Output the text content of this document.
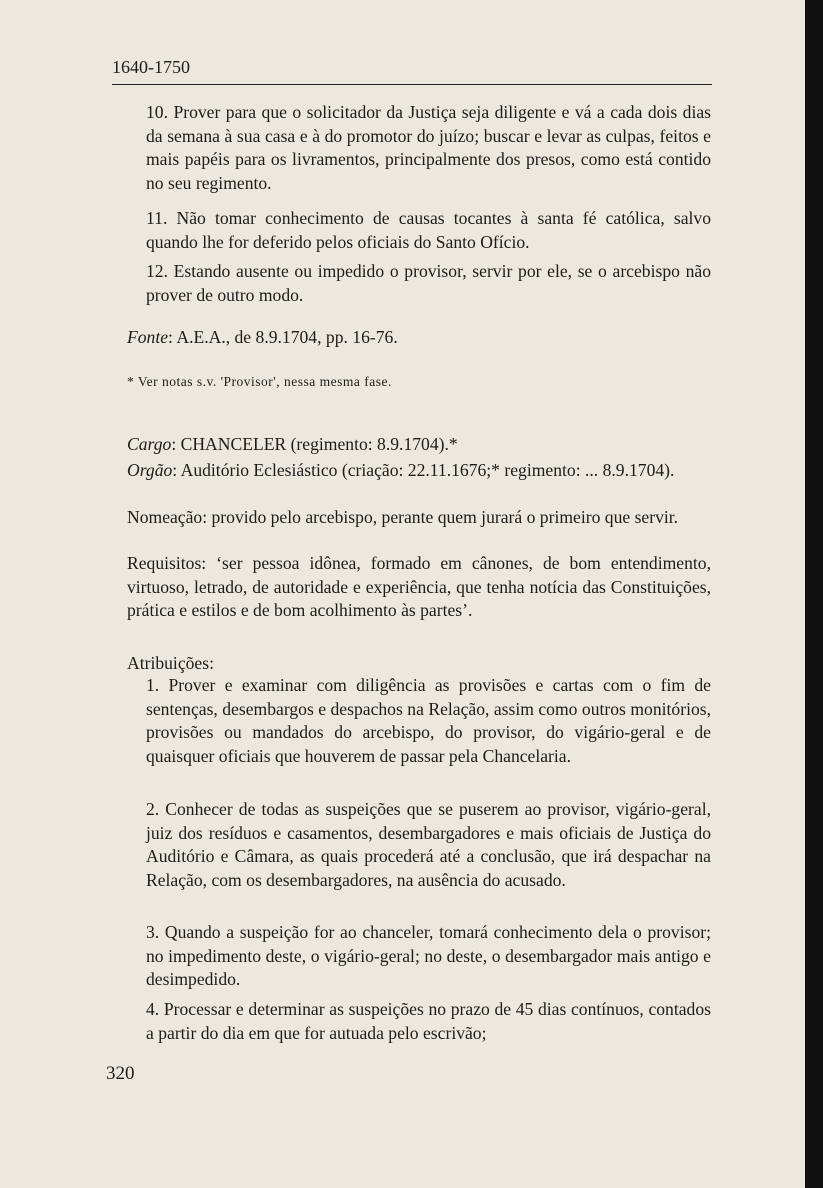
1640-1750

10. Prover para que o solicitador da Justiça seja diligente e vá a cada dois dias da semana à sua casa e à do promotor do juízo; buscar e levar as culpas, feitos e mais papéis para os livramentos, principalmente dos presos, como está contido no seu regimento.

11. Não tomar conhecimento de causas tocantes à santa fé católica, salvo quando lhe for deferido pelos oficiais do Santo Ofício.

12. Estando ausente ou impedido o provisor, servir por ele, se o arcebispo não prover de outro modo.

Fonte: A.E.A., de 8.9.1704, pp. 16-76.
* Ver notas s.v. 'Provisor', nessa mesma fase.
Cargo: CHANCELER (regimento: 8.9.1704).*
Orgão: Auditório Eclesiástico (criação: 22.11.1676;* regimento: ... 8.9.1704).
Nomeação: provido pelo arcebispo, perante quem jurará o primeiro que servir.
Requisitos: ‘ser pessoa idônea, formado em cânones, de bom entendimento, virtuoso, letrado, de autoridade e experiência, que tenha notícia das Constituições, prática e estilos e de bom acolhimento às partes’.
Atribuições:

1. Prover e examinar com diligência as provisões e cartas com o fim de sentenças, desembargos e despachos na Relação, assim como outros monitórios, provisões ou mandados do arcebispo, do provisor, do vigário-geral e de quaisquer oficiais que houverem de passar pela Chancelaria.

2. Conhecer de todas as suspeições que se puserem ao provisor, vigário-geral, juiz dos resíduos e casamentos, desembargadores e mais oficiais de Justiça do Auditório e Câmara, as quais procederá até a conclusão, que irá despachar na Relação, com os desembargadores, na ausência do acusado.

3. Quando a suspeição for ao chanceler, tomará conhecimento dela o provisor; no impedimento deste, o vigário-geral; no deste, o desembargador mais antigo e desimpedido.

4. Processar e determinar as suspeições no prazo de 45 dias contínuos, contados a partir do dia em que for autuada pelo escrivão;

320
